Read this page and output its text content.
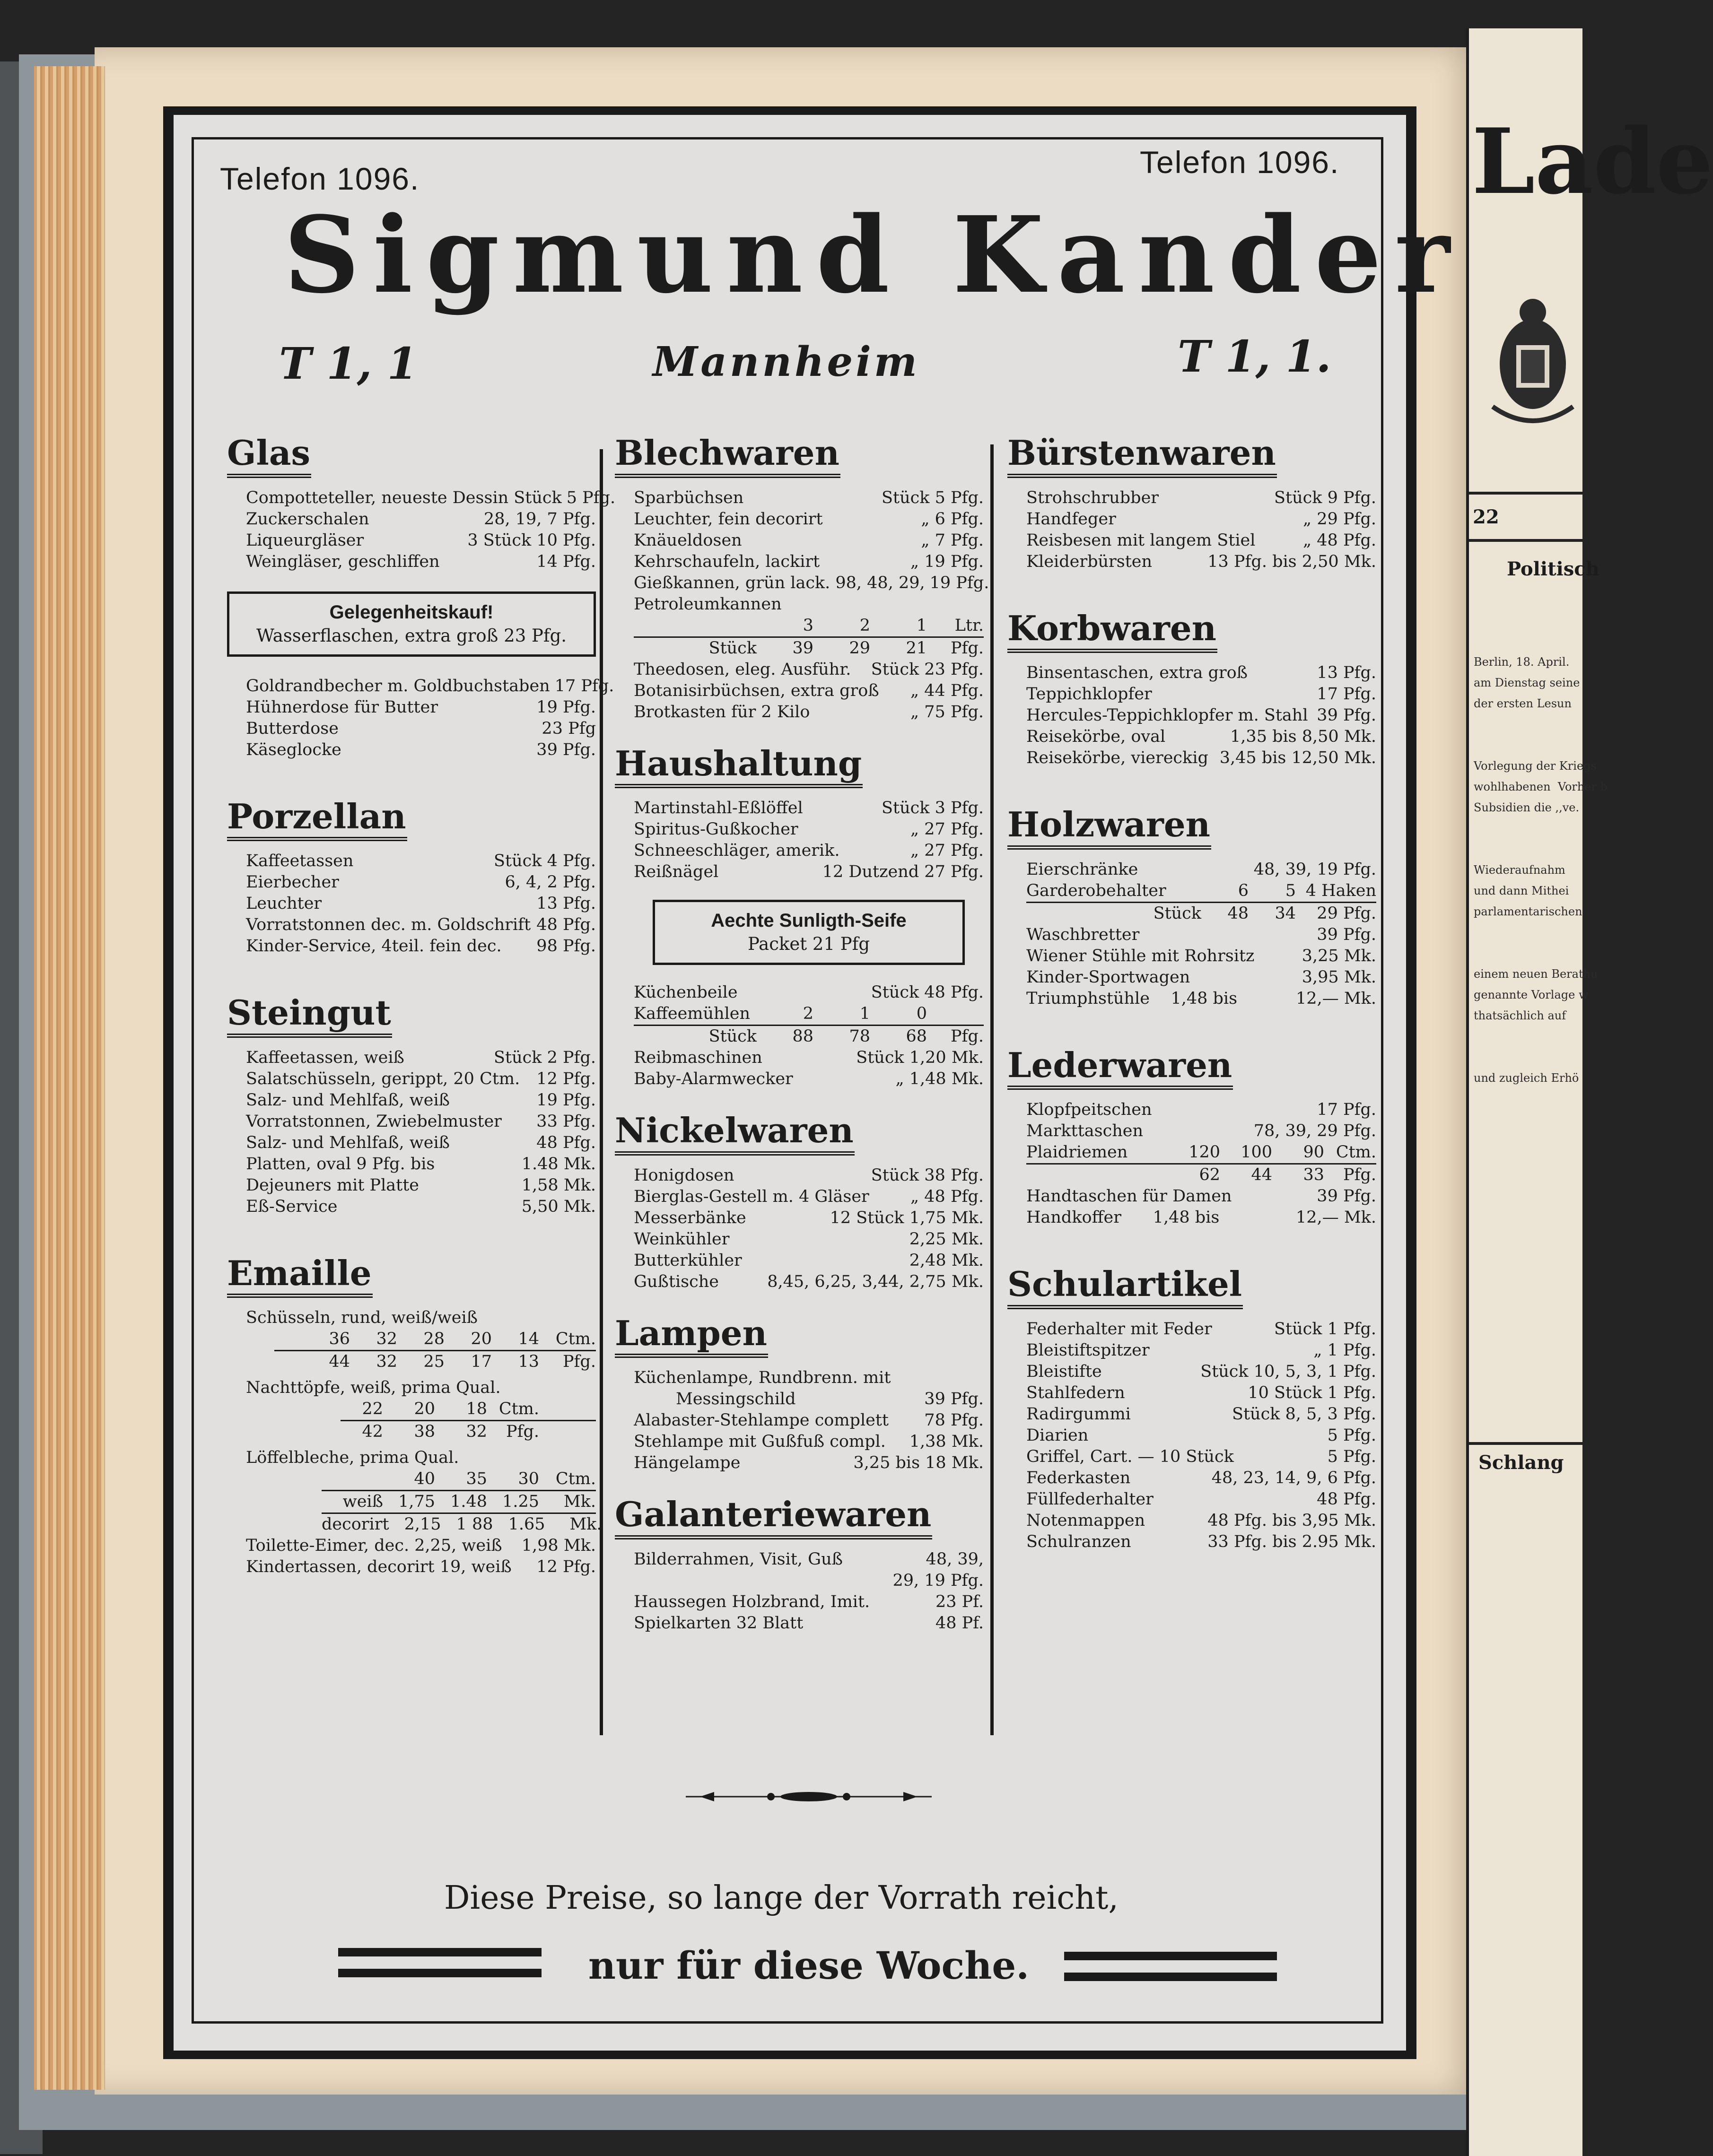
Lade
22
Politisch

Berlin, 18. April.
am Dienstag seine
der ersten Lesun

Vorlegung der Kriegs
wohlhabenen  Vorher b
Subsidien die ,,ve.

Wiederaufnahm
und dann Mithei
parlamentarischen

einem neuen Berathu
genannte Vorlage w
thatsächlich auf

und zugleich Erhö

Schlang
Telefon 1096.	Telefon 1096.
Sigmund Kander
T 1, 1	Mannheim	T 1, 1.
Glas
Compotteteller, neueste Dessin Stück 5 Pfg.
Zuckerschalen	28, 19, 7 Pfg.
Liqueurgläser	3 Stück 10 Pfg.
Weingläser, geschliffen	14 Pfg.
Gelegenheitskauf!
Wasserflaschen, extra groß 23 Pfg.
Goldrandbecher m. Goldbuchstaben 17 Pfg.
Hühnerdose für Butter	19 Pfg.
Butterdose	23 Pfg
Käseglocke	39 Pfg.
Porzellan
Kaffeetassen	Stück 4 Pfg.
Eierbecher	6, 4, 2 Pfg.
Leuchter	13 Pfg.
Vorratstonnen dec. m. Goldschrift 48 Pfg.
Kinder-Service, 4teil. fein dec. 98 Pfg.
Steingut
Kaffeetassen, weiß	Stück 2 Pfg.
Salatschüsseln, gerippt, 20 Ctm. 12 Pfg.
Salz- und Mehlfaß, weiß	19 Pfg.
Vorratstonnen, Zwiebelmuster 33 Pfg.
Salz- und Mehlfaß, weiß	48 Pfg.
Platten, oval 9 Pfg. bis	1.48 Mk.
Dejeuners mit Platte	1,58 Mk.
Eß-Service	5,50 Mk.
Emaille
Schüsseln, rund, weiß/weiß
36	32	28	20	14 Ctm.
44	32	25	17	13	Pfg.
Nachttöpfe, weiß, prima Qual.
22	20	18 Ctm.
42	38	32	Pfg.
Löffelbleche, prima Qual.
40	35	30 Ctm.
weiß 1,75 1.48 1.25	Mk.
decorirt 2,15 1 88 1.65	Mk.
Toilette-Eimer, dec. 2,25, weiß 1,98 Mk.
Kindertassen, decorirt 19, weiß 12 Pfg.
Blechwaren
Sparbüchsen	Stück 5 Pfg.
Leuchter, fein decorirt	„ 6 Pfg.
Knäueldosen	„ 7 Pfg.
Kehrschaufeln, lackirt	„ 19 Pfg.
Gießkannen, grün lack. 98, 48, 29, 19 Pfg.
Petroleumkannen
3	2	1	Ltr.
Stück	39	29	21	Pfg.
Theedosen, eleg. Ausführ. Stück 23 Pfg.
Botanisirbüchsen, extra groß „ 44 Pfg.
Brotkasten für 2 Kilo	„ 75 Pfg.
Haushaltung
Martinstahl-Eßlöffel	Stück 3 Pfg.
Spiritus-Gußkocher	„ 27 Pfg.
Schneeschläger, amerik.	„ 27 Pfg.
Reißnägel	12 Dutzend 27 Pfg.
Aechte Sunligth-Seife
Packet 21 Pfg
Küchenbeile	Stück 48 Pfg.
Kaffeemühlen	2	1	0
Stück	88	78	68	Pfg.
Reibmaschinen	Stück 1,20 Mk.
Baby-Alarmwecker	„ 1,48 Mk.
Nickelwaren
Honigdosen	Stück 38 Pfg.
Bierglas-Gestell m. 4 Gläser „ 48 Pfg.
Messerbänke	12 Stück 1,75 Mk.
Weinkühler	2,25 Mk.
Butterkühler	2,48 Mk.
Gußtische	8,45, 6,25, 3,44, 2,75 Mk.
Lampen
Küchenlampe, Rundbrenn. mit
Messingschild	39 Pfg.
Alabaster-Stehlampe complett 78 Pfg.
Stehlampe mit Gußfuß compl. 1,38 Mk.
Hängelampe	3,25 bis 18 Mk.
Galanteriewaren
Bilderrahmen, Visit, Guß	48, 39,
29, 19 Pfg.
Haussegen Holzbrand, Imit.	23 Pf.
Spielkarten 32 Blatt	48 Pf.
Bürstenwaren
Strohschrubber	Stück 9 Pfg.
Handfeger	„ 29 Pfg.
Reisbesen mit langem Stiel	„ 48 Pfg.
Kleiderbürsten	13 Pfg. bis 2,50 Mk.
Korbwaren
Binsentaschen, extra groß	13 Pfg.
Teppichklopfer	17 Pfg.
Hercules-Teppichklopfer m. Stahl 39 Pfg.
Reisekörbe, oval	1,35 bis 8,50 Mk.
Reisekörbe, viereckig 3,45 bis 12,50 Mk.
Holzwaren
Eierschränke	48, 39, 19 Pfg.
Garderobehalter	6	5 4 Haken
Stück	48	34	29 Pfg.
Waschbretter	39 Pfg.
Wiener Stühle mit Rohrsitz	3,25 Mk.
Kinder-Sportwagen	3,95 Mk.
Triumphstühle    1,48 bis	12,— Mk.
Lederwaren
Klopfpeitschen	17 Pfg.
Markttaschen	78, 39, 29 Pfg.
Plaidriemen	120	100	90 Ctm.
62	44	33	Pfg.
Handtaschen für Damen	39 Pfg.
Handkoffer      1,48 bis	12,— Mk.
Schulartikel
Federhalter mit Feder	Stück 1 Pfg.
Bleistiftspitzer	„ 1 Pfg.
Bleistifte	Stück 10, 5, 3, 1 Pfg.
Stahlfedern	10 Stück 1 Pfg.
Radirgummi	Stück 8, 5, 3 Pfg.
Diarien	5 Pfg.
Griffel, Cart. — 10 Stück	5 Pfg.
Federkasten	48, 23, 14, 9, 6 Pfg.
Füllfederhalter	48 Pfg.
Notenmappen	48 Pfg. bis 3,95 Mk.
Schulranzen	33 Pfg. bis 2.95 Mk.
Diese Preise, so lange der Vorrath reicht,
nur für diese Woche.
